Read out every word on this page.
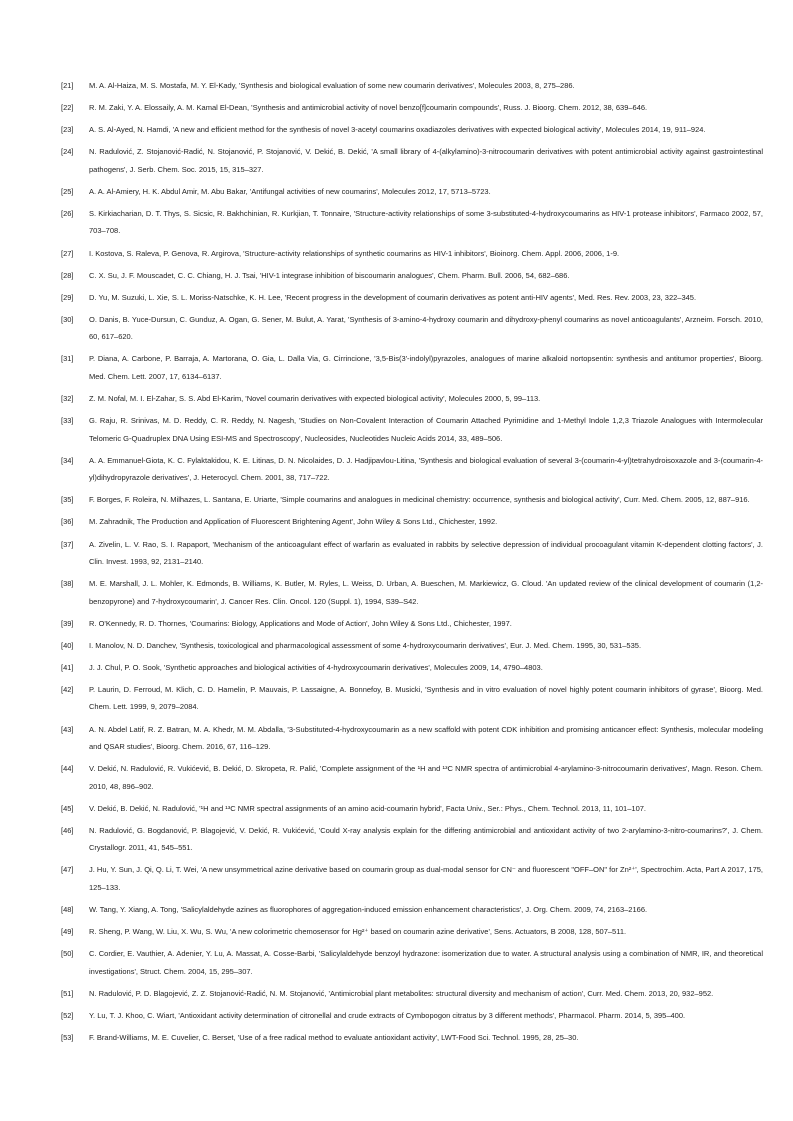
[21] M. A. Al-Haiza, M. S. Mostafa, M. Y. El-Kady, 'Synthesis and biological evaluation of some new coumarin derivatives', Molecules 2003, 8, 275–286.
[22] R. M. Zaki, Y. A. Elossaily, A. M. Kamal El-Dean, 'Synthesis and antimicrobial activity of novel benzo[f]coumarin compounds', Russ. J. Bioorg. Chem. 2012, 38, 639–646.
[23] A. S. Al-Ayed, N. Hamdi, 'A new and efficient method for the synthesis of novel 3-acetyl coumarins oxadiazoles derivatives with expected biological activity', Molecules 2014, 19, 911–924.
[24] N. Radulović, Z. Stojanović-Radić, N. Stojanović, P. Stojanović, V. Dekić, B. Dekić, 'A small library of 4-(alkylamino)-3-nitrocoumarin derivatives with potent antimicrobial activity against gastrointestinal pathogens', J. Serb. Chem. Soc. 2015, 15, 315–327.
[25] A. A. Al-Amiery, H. K. Abdul Amir, M. Abu Bakar, 'Antifungal activities of new coumarins', Molecules 2012, 17, 5713–5723.
[26] S. Kirkiacharian, D. T. Thys, S. Sicsic, R. Bakhchinian, R. Kurkjian, T. Tonnaire, 'Structure-activity relationships of some 3-substituted-4-hydroxycoumarins as HIV-1 protease inhibitors', Farmaco 2002, 57, 703–708.
[27] I. Kostova, S. Raleva, P. Genova, R. Argirova, 'Structure-activity relationships of synthetic coumarins as HIV-1 inhibitors', Bioinorg. Chem. Appl. 2006, 2006, 1-9.
[28] C. X. Su, J. F. Mouscadet, C. C. Chiang, H. J. Tsai, 'HIV-1 integrase inhibition of biscoumarin analogues', Chem. Pharm. Bull. 2006, 54, 682–686.
[29] D. Yu, M. Suzuki, L. Xie, S. L. Moriss-Natschke, K. H. Lee, 'Recent progress in the development of coumarin derivatives as potent anti-HIV agents', Med. Res. Rev. 2003, 23, 322–345.
[30] O. Danis, B. Yuce-Dursun, C. Gunduz, A. Ogan, G. Sener, M. Bulut, A. Yarat, 'Synthesis of 3-amino-4-hydroxy coumarin and dihydroxy-phenyl coumarins as novel anticoagulants', Arzneim. Forsch. 2010, 60, 617–620.
[31] P. Diana, A. Carbone, P. Barraja, A. Martorana, O. Gia, L. Dalla Via, G. Cirrincione, '3,5-Bis(3'-indolyl)pyrazoles, analogues of marine alkaloid nortopsentin: synthesis and antitumor properties', Bioorg. Med. Chem. Lett. 2007, 17, 6134–6137.
[32] Z. M. Nofal, M. I. El-Zahar, S. S. Abd El-Karim, 'Novel coumarin derivatives with expected biological activity', Molecules 2000, 5, 99–113.
[33] G. Raju, R. Srinivas, M. D. Reddy, C. R. Reddy, N. Nagesh, 'Studies on Non-Covalent Interaction of Coumarin Attached Pyrimidine and 1-Methyl Indole 1,2,3 Triazole Analogues with Intermolecular Telomeric G-Quadruplex DNA Using ESI-MS and Spectroscopy', Nucleosides, Nucleotides Nucleic Acids 2014, 33, 489–506.
[34] A. A. Emmanuel-Giota, K. C. Fylaktakidou, K. E. Litinas, D. N. Nicolaides, D. J. Hadjipavlou-Litina, 'Synthesis and biological evaluation of several 3-(coumarin-4-yl)tetrahydroisoxazole and 3-(coumarin-4-yl)dihydropyrazole derivatives', J. Heterocycl. Chem. 2001, 38, 717–722.
[35] F. Borges, F. Roleira, N. Milhazes, L. Santana, E. Uriarte, 'Simple coumarins and analogues in medicinal chemistry: occurrence, synthesis and biological activity', Curr. Med. Chem. 2005, 12, 887–916.
[36] M. Zahradnik, The Production and Application of Fluorescent Brightening Agent', John Wiley & Sons Ltd., Chichester, 1992.
[37] A. Zivelin, L. V. Rao, S. I. Rapaport, 'Mechanism of the anticoagulant effect of warfarin as evaluated in rabbits by selective depression of individual procoagulant vitamin K-dependent clotting factors', J. Clin. Invest. 1993, 92, 2131–2140.
[38] M. E. Marshall, J. L. Mohler, K. Edmonds, B. Williams, K. Butler, M. Ryles, L. Weiss, D. Urban, A. Bueschen, M. Markiewicz, G. Cloud. 'An updated review of the clinical development of coumarin (1,2-benzopyrone) and 7-hydroxycoumarin', J. Cancer Res. Clin. Oncol. 120 (Suppl. 1), 1994, S39–S42.
[39] R. O'Kennedy, R. D. Thornes, 'Coumarins: Biology, Applications and Mode of Action', John Wiley & Sons Ltd., Chichester, 1997.
[40] I. Manolov, N. D. Danchev, 'Synthesis, toxicological and pharmacological assessment of some 4-hydroxycoumarin derivatives', Eur. J. Med. Chem. 1995, 30, 531–535.
[41] J. J. Chul, P. O. Sook, 'Synthetic approaches and biological activities of 4-hydroxycoumarin derivatives', Molecules 2009, 14, 4790–4803.
[42] P. Laurin, D. Ferroud, M. Klich, C. D. Hamelin, P. Mauvais, P. Lassaigne, A. Bonnefoy, B. Musicki, 'Synthesis and in vitro evaluation of novel highly potent coumarin inhibitors of gyrase', Bioorg. Med. Chem. Lett. 1999, 9, 2079–2084.
[43] A. N. Abdel Latif, R. Z. Batran, M. A. Khedr, M. M. Abdalla, '3-Substituted-4-hydroxycoumarin as a new scaffold with potent CDK inhibition and promising anticancer effect: Synthesis, molecular modeling and QSAR studies', Bioorg. Chem. 2016, 67, 116–129.
[44] V. Dekić, N. Radulović, R. Vukićević, B. Dekić, D. Skropeta, R. Palić, 'Complete assignment of the ¹H and ¹³C NMR spectra of antimicrobial 4-arylamino-3-nitrocoumarin derivatives', Magn. Reson. Chem. 2010, 48, 896–902.
[45] V. Dekić, B. Dekić, N. Radulović, '¹H and ¹³C NMR spectral assignments of an amino acid-coumarin hybrid', Facta Univ., Ser.: Phys., Chem. Technol. 2013, 11, 101–107.
[46] N. Radulović, G. Bogdanović, P. Blagojević, V. Dekić, R. Vukićević, 'Could X-ray analysis explain for the differing antimicrobial and antioxidant activity of two 2-arylamino-3-nitro-coumarins?', J. Chem. Crystallogr. 2011, 41, 545–551.
[47] J. Hu, Y. Sun, J. Qi, Q. Li, T. Wei, 'A new unsymmetrical azine derivative based on coumarin group as dual-modal sensor for CN⁻ and fluorescent "OFF–ON" for Zn²⁺', Spectrochim. Acta, Part A 2017, 175, 125–133.
[48] W. Tang, Y. Xiang, A. Tong, 'Salicylaldehyde azines as fluorophores of aggregation-induced emission enhancement characteristics', J. Org. Chem. 2009, 74, 2163–2166.
[49] R. Sheng, P. Wang, W. Liu, X. Wu, S. Wu, 'A new colorimetric chemosensor for Hg²⁺ based on coumarin azine derivative', Sens. Actuators, B 2008, 128, 507–511.
[50] C. Cordier, E. Vauthier, A. Adenier, Y. Lu, A. Massat, A. Cosse-Barbi, 'Salicylaldehyde benzoyl hydrazone: isomerization due to water. A structural analysis using a combination of NMR, IR, and theoretical investigations', Struct. Chem. 2004, 15, 295–307.
[51] N. Radulović, P. D. Blagojević, Z. Z. Stojanović-Radić, N. M. Stojanović, 'Antimicrobial plant metabolites: structural diversity and mechanism of action', Curr. Med. Chem. 2013, 20, 932–952.
[52] Y. Lu, T. J. Khoo, C. Wiart, 'Antioxidant activity determination of citronellal and crude extracts of Cymbopogon citratus by 3 different methods', Pharmacol. Pharm. 2014, 5, 395–400.
[53] F. Brand-Williams, M. E. Cuvelier, C. Berset, 'Use of a free radical method to evaluate antioxidant activity', LWT-Food Sci. Technol. 1995, 28, 25–30.
